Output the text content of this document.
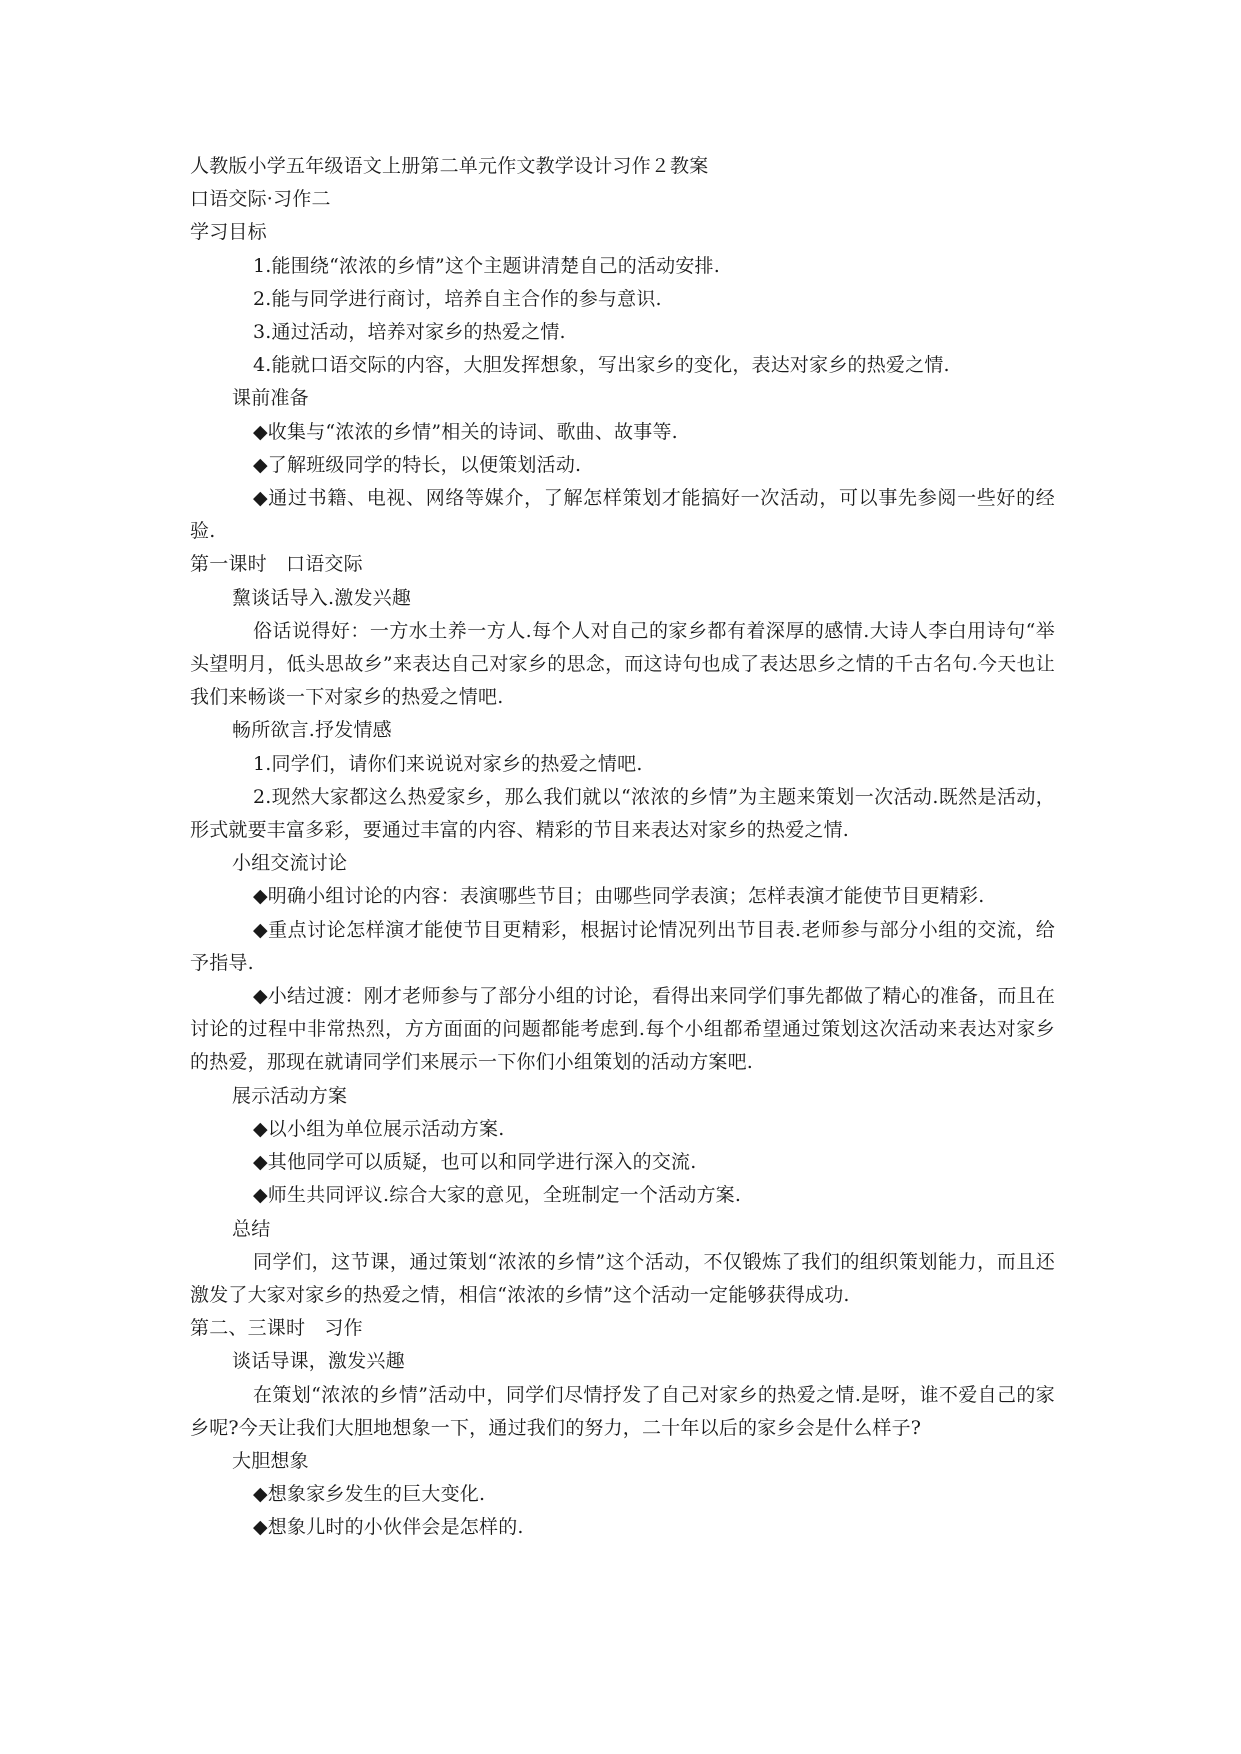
人教版小学五年级语文上册第二单元作文教学设计习作２教案

口语交际·习作二

学习目标

1.能围绕“浓浓的乡情”这个主题讲清楚自己的活动安排.

2.能与同学进行商讨，培养自主合作的参与意识.

3.通过活动，培养对家乡的热爱之情.

4.能就口语交际的内容，大胆发挥想象，写出家乡的变化，表达对家乡的热爱之情.

课前准备

◆收集与“浓浓的乡情”相关的诗词、歌曲、故事等.

◆了解班级同学的特长，以便策划活动.

◆通过书籍、电视、网络等媒介，了解怎样策划才能搞好一次活动，可以事先参阅一些好的经验.

第一课时　口语交际

黧谈话导入.激发兴趣

俗话说得好：一方水土养一方人.每个人对自己的家乡都有着深厚的感情.大诗人李白用诗句“举头望明月，低头思故乡”来表达自己对家乡的思念，而这诗句也成了表达思乡之情的千古名句.今天也让我们来畅谈一下对家乡的热爱之情吧.

畅所欲言.抒发情感

1.同学们，请你们来说说对家乡的热爱之情吧.

2.现然大家都这么热爱家乡，那么我们就以“浓浓的乡情”为主题来策划一次活动.既然是活动，形式就要丰富多彩，要通过丰富的内容、精彩的节目来表达对家乡的热爱之情.

小组交流讨论

◆明确小组讨论的内容：表演哪些节目；由哪些同学表演；怎样表演才能使节目更精彩.

◆重点讨论怎样演才能使节目更精彩，根据讨论情况列出节目表.老师参与部分小组的交流，给予指导.

◆小结过渡：刚才老师参与了部分小组的讨论，看得出来同学们事先都做了精心的准备，而且在讨论的过程中非常热烈，方方面面的问题都能考虑到.每个小组都希望通过策划这次活动来表达对家乡的热爱，那现在就请同学们来展示一下你们小组策划的活动方案吧.

展示活动方案

◆以小组为单位展示活动方案.

◆其他同学可以质疑，也可以和同学进行深入的交流.

◆师生共同评议.综合大家的意见，全班制定一个活动方案.

总结

同学们，这节课，通过策划“浓浓的乡情”这个活动，不仅锻炼了我们的组织策划能力，而且还激发了大家对家乡的热爱之情，相信“浓浓的乡情”这个活动一定能够获得成功.

第二、三课时　习作

谈话导课，激发兴趣

在策划“浓浓的乡情”活动中，同学们尽情抒发了自己对家乡的热爱之情.是呀，谁不爱自己的家乡呢?今天让我们大胆地想象一下，通过我们的努力，二十年以后的家乡会是什么样子?

大胆想象

◆想象家乡发生的巨大变化.

◆想象儿时的小伙伴会是怎样的.
